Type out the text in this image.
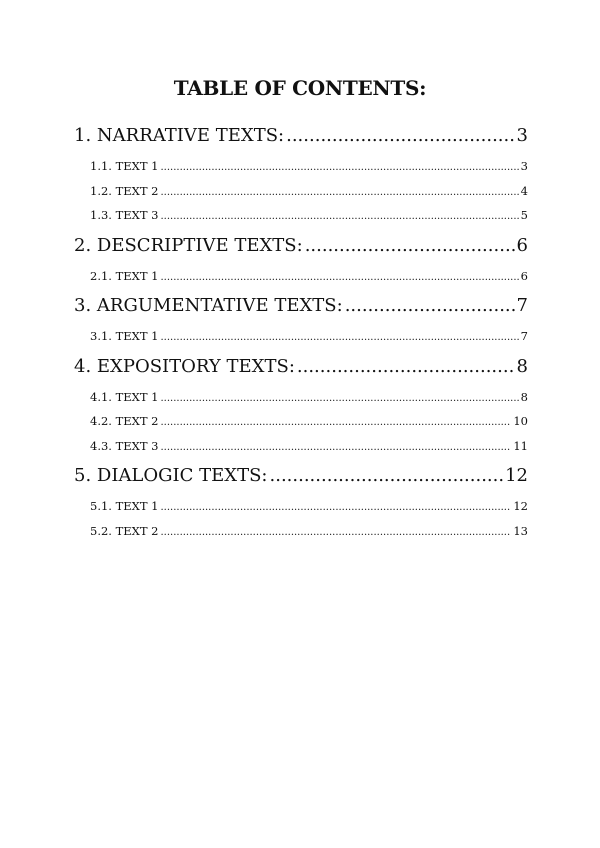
TABLE OF CONTENTS:
1. NARRATIVE TEXTS: .....	3
1.1. TEXT 1 .....	3
1.2. TEXT 2 .....	4
1.3. TEXT 3 .....	5
2. DESCRIPTIVE TEXTS: .....	6
2.1. TEXT 1 .....	6
3. ARGUMENTATIVE TEXTS: .....	7
3.1. TEXT 1 .....	7
4. EXPOSITORY TEXTS: .....	8
4.1. TEXT 1 .....	8
4.2. TEXT 2 .....	10
4.3. TEXT 3 .....	11
5. DIALOGIC TEXTS: .....	12
5.1. TEXT 1 .....	12
5.2. TEXT 2 .....	13
